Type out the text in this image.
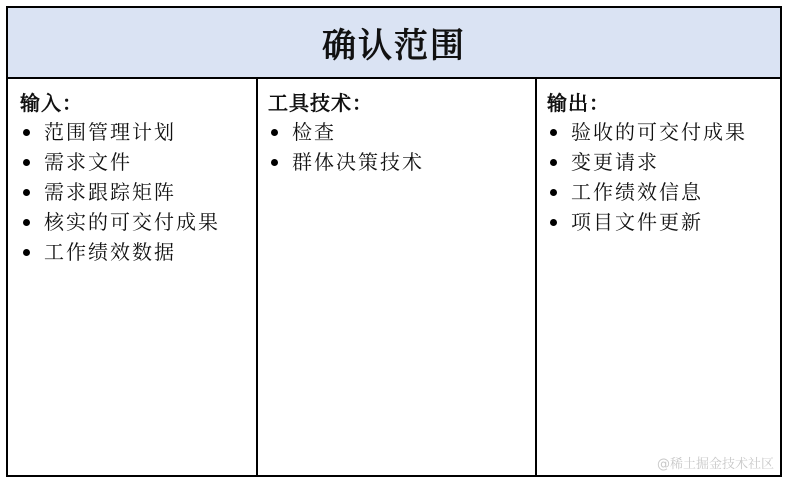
确认范围
输入：
范围管理计划
需求文件
需求跟踪矩阵
核实的可交付成果
工作绩效数据
工具技术：
检查
群体决策技术
输出：
验收的可交付成果
变更请求
工作绩效信息
项目文件更新
@稀土掘金技术社区
